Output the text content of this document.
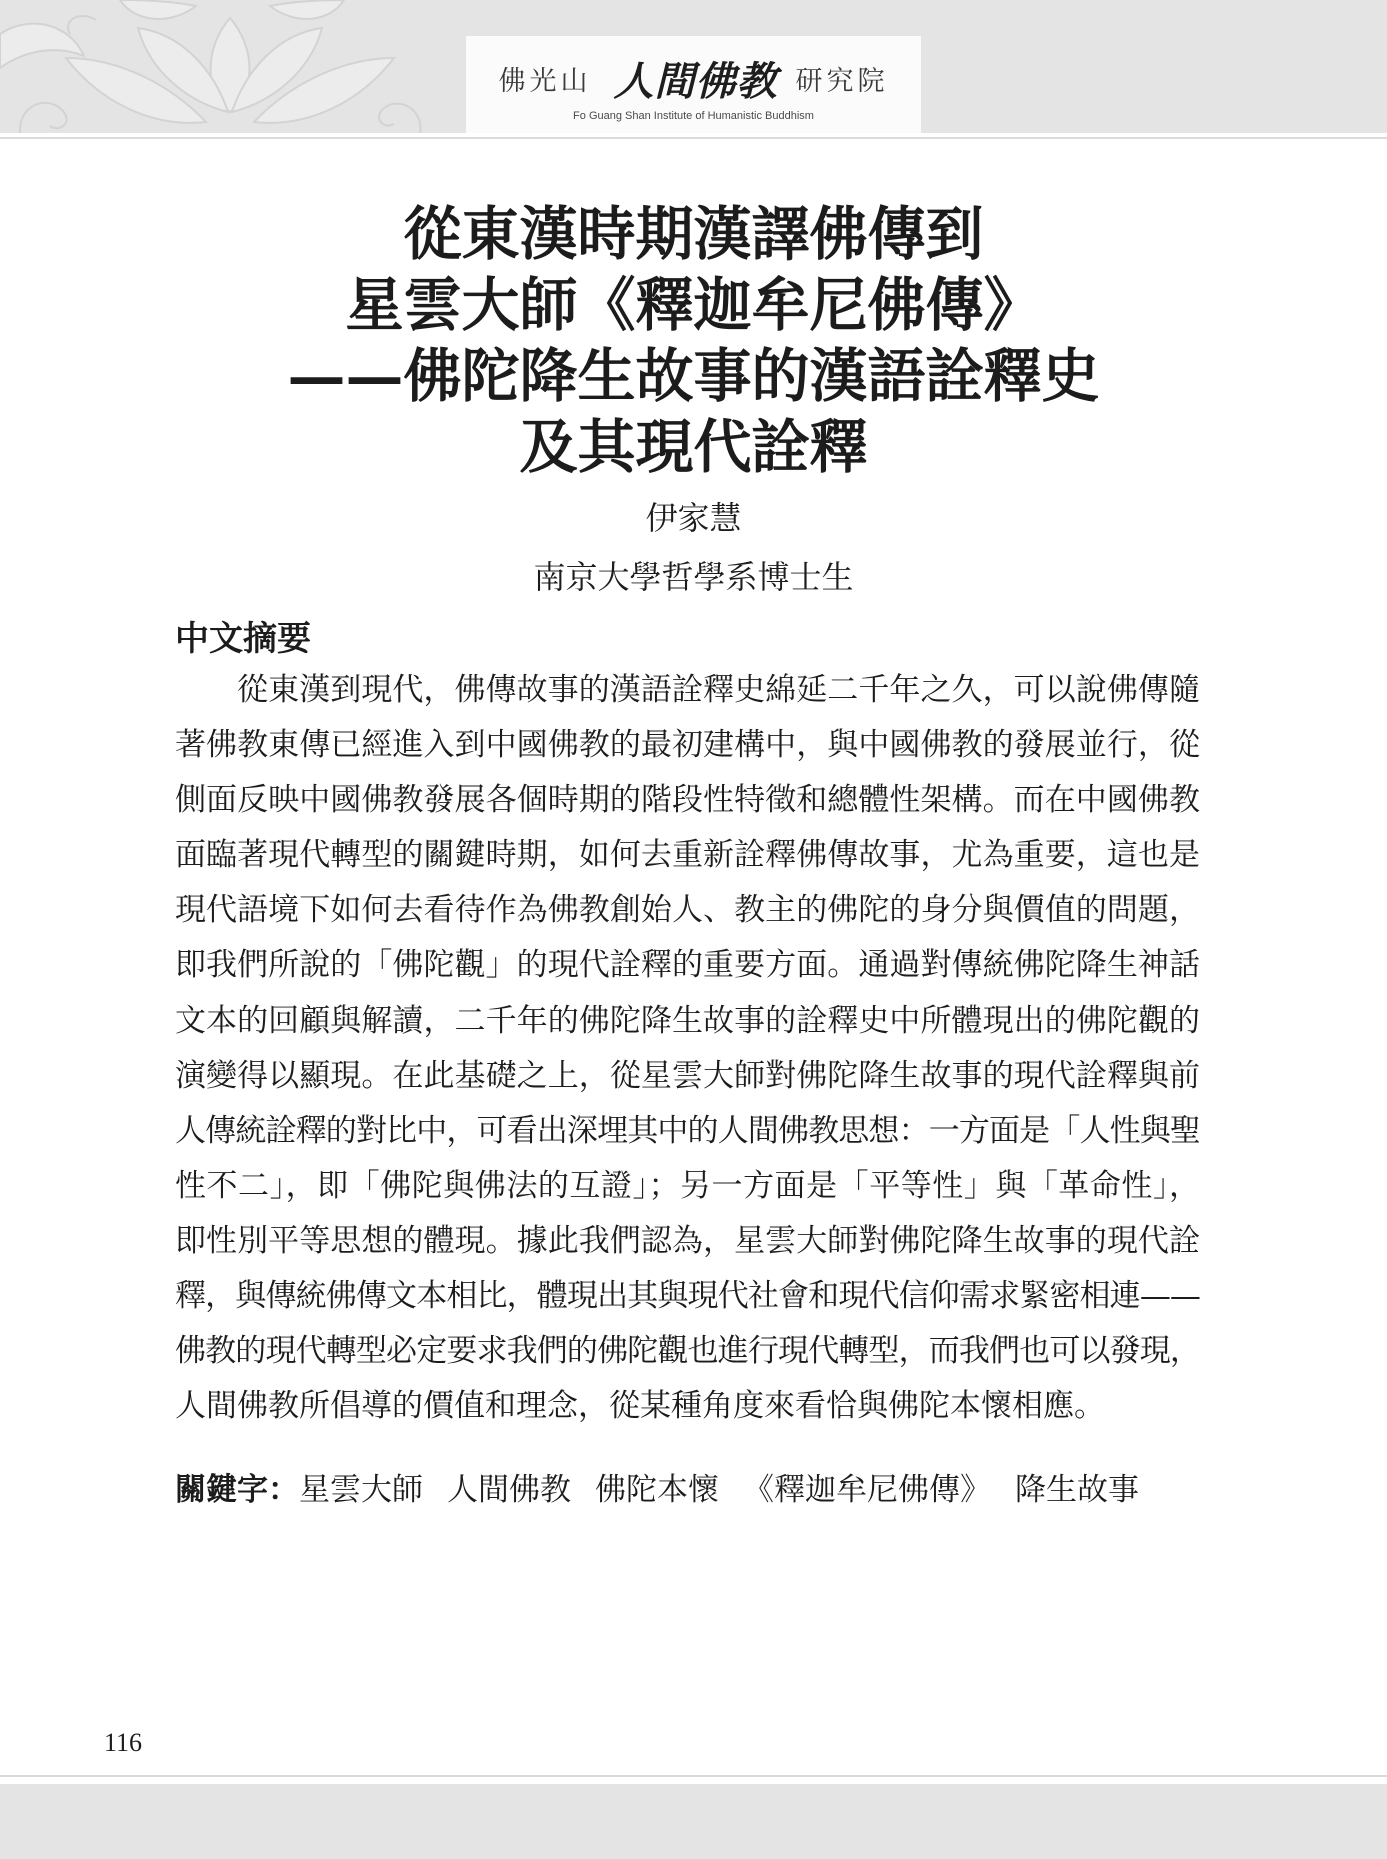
佛光山 人間佛教 研究院
Fo Guang Shan Institute of Humanistic Buddhism
從東漢時期漢譯佛傳到
星雲大師《釋迦牟尼佛傳》
——佛陀降生故事的漢語詮釋史
及其現代詮釋
伊家慧
南京大學哲學系博士生
中文摘要
從東漢到現代，佛傳故事的漢語詮釋史綿延二千年之久，可以說佛傳隨
著佛教東傳已經進入到中國佛教的最初建構中，與中國佛教的發展並行，從
側面反映中國佛教發展各個時期的階段性特徵和總體性架構。而在中國佛教
面臨著現代轉型的關鍵時期，如何去重新詮釋佛傳故事，尤為重要，這也是
現代語境下如何去看待作為佛教創始人、教主的佛陀的身分與價值的問題，
即我們所說的「佛陀觀」的現代詮釋的重要方面。通過對傳統佛陀降生神話
文本的回顧與解讀，二千年的佛陀降生故事的詮釋史中所體現出的佛陀觀的
演變得以顯現。在此基礎之上，從星雲大師對佛陀降生故事的現代詮釋與前
人傳統詮釋的對比中，可看出深埋其中的人間佛教思想：一方面是「人性與聖
性不二」，即「佛陀與佛法的互證」；另一方面是「平等性」與「革命性」，
即性別平等思想的體現。據此我們認為，星雲大師對佛陀降生故事的現代詮
釋，與傳統佛傳文本相比，體現出其與現代社會和現代信仰需求緊密相連——
佛教的現代轉型必定要求我們的佛陀觀也進行現代轉型，而我們也可以發現，
人間佛教所倡導的價值和理念，從某種角度來看恰與佛陀本懷相應。
關鍵字：星雲大師 人間佛教 佛陀本懷 《釋迦牟尼佛傳》 降生故事
116
